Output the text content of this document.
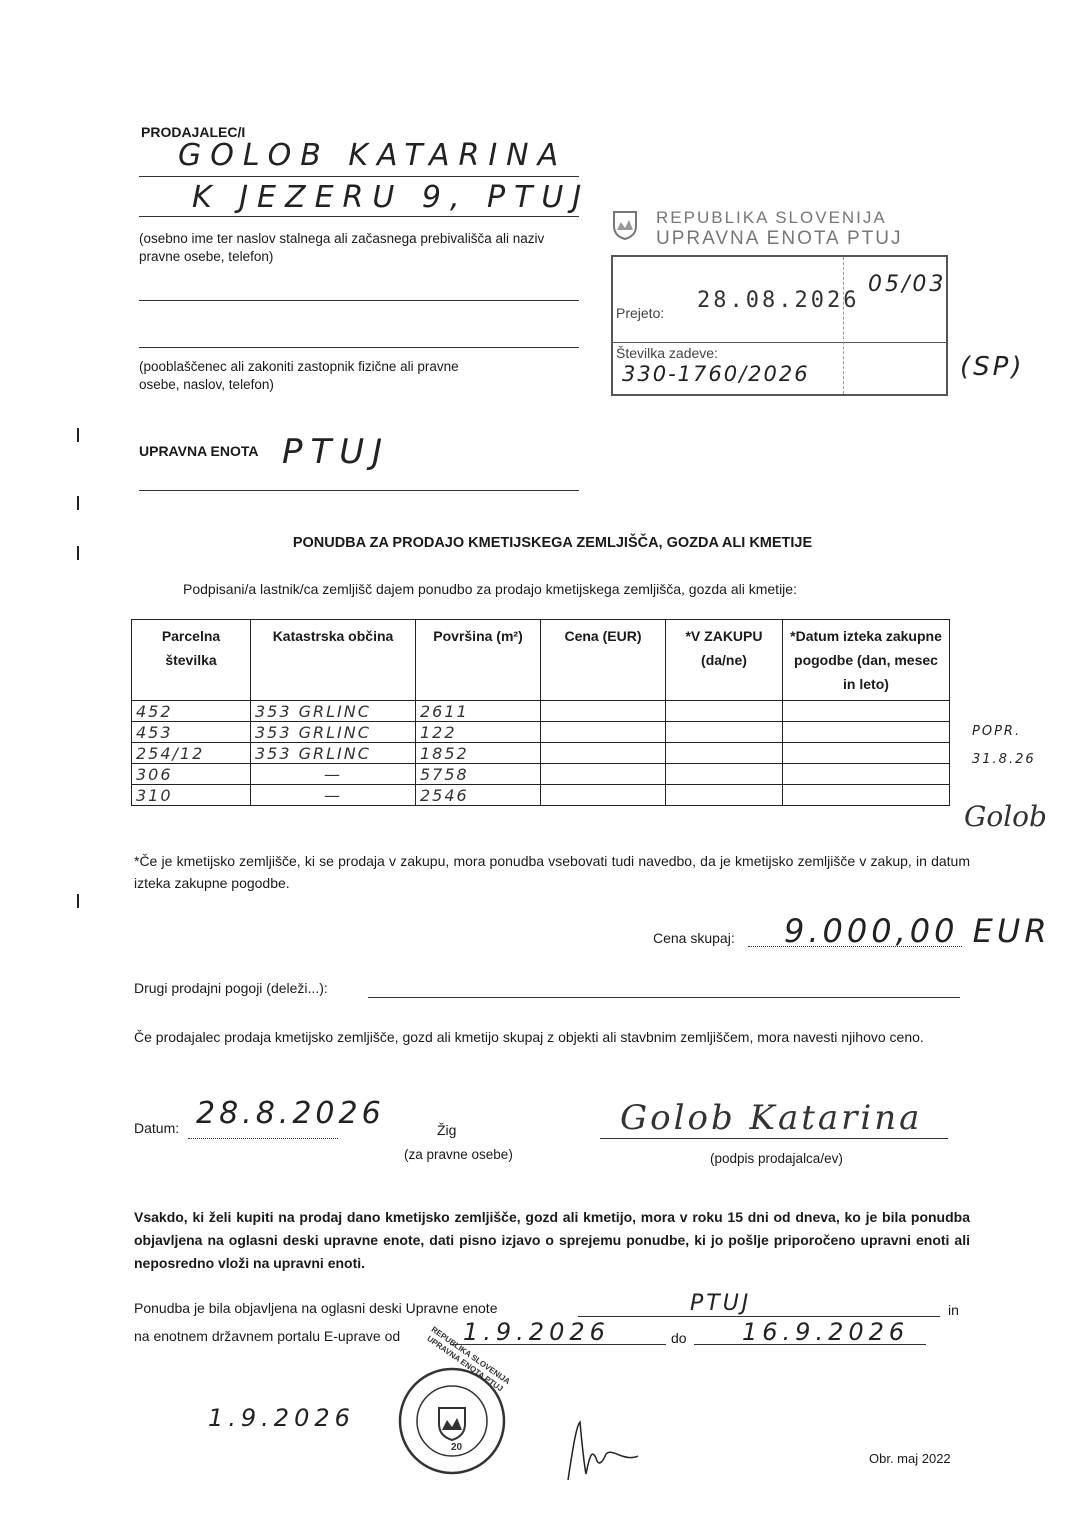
PRODAJALEC/I
GOLOB KATARINA
K JEZERU 9, PTUJ
(osebno ime ter naslov stalnega ali začasnega prebivališča ali naziv pravne osebe, telefon)
(pooblaščenec ali zakoniti zastopnik fizične ali pravne osebe, naslov, telefon)
UPRAVNA ENOTA PTUJ
REPUBLIKA SLOVENIJA
UPRAVNA ENOTA PTUJ
Prejeto: 28.08.2026
05/03
Številka zadeve:
330-1760/2026	(SP)
PONUDBA ZA PRODAJO KMETIJSKEGA ZEMLJIŠČA, GOZDA ALI KMETIJE
Podpisani/a lastnik/ca zemljišč dajem ponudbo za prodajo kmetijskega zemljišča, gozda ali kmetije:
Parcelna številka	Katastrska občina	Površina (m²)	Cena (EUR)	*V ZAKUPU (da/ne)	*Datum izteka zakupne pogodbe (dan, mesec in leto)
452	353 GRLINC	2611			
453	353 GRLINC	122			
254/12	353 GRLINC	1852			
306	—	5758			
310	—	2546			
POPR. 31.8.26
Golob
*Če je kmetijsko zemljišče, ki se prodaja v zakupu, mora ponudba vsebovati tudi navedbo, da je kmetijsko zemljišče v zakup, in datum izteka zakupne pogodbe.
Cena skupaj: 9.000,00 EUR
Drugi prodajni pogoji (deleži...):
Če prodajalec prodaja kmetijsko zemljišče, gozd ali kmetijo skupaj z objekti ali stavbnim zemljiščem, mora navesti njihovo ceno.
Datum: 28.8.2026	Žig
(za pravne osebe)
Golob Katarina
(podpis prodajalca/ev)
Vsakdo, ki želi kupiti na prodaj dano kmetijsko zemljišče, gozd ali kmetijo, mora v roku 15 dni od dneva, ko je bila ponudba objavljena na oglasni deski upravne enote, dati pisno izjavo o sprejemu ponudbe, ki jo pošlje priporočeno upravni enoti ali neposredno vloži na upravni enoti.
Ponudba je bila objavljena na oglasni deski Upravne enote	PTUJ	in
na enotnem državnem portalu E-uprave od	1.9.2026	do 16.9.2026
1.9.2026
REPUBLIKA SLOVENIJA UPRAVNA ENOTA PTUJ
20
Obr. maj 2022
